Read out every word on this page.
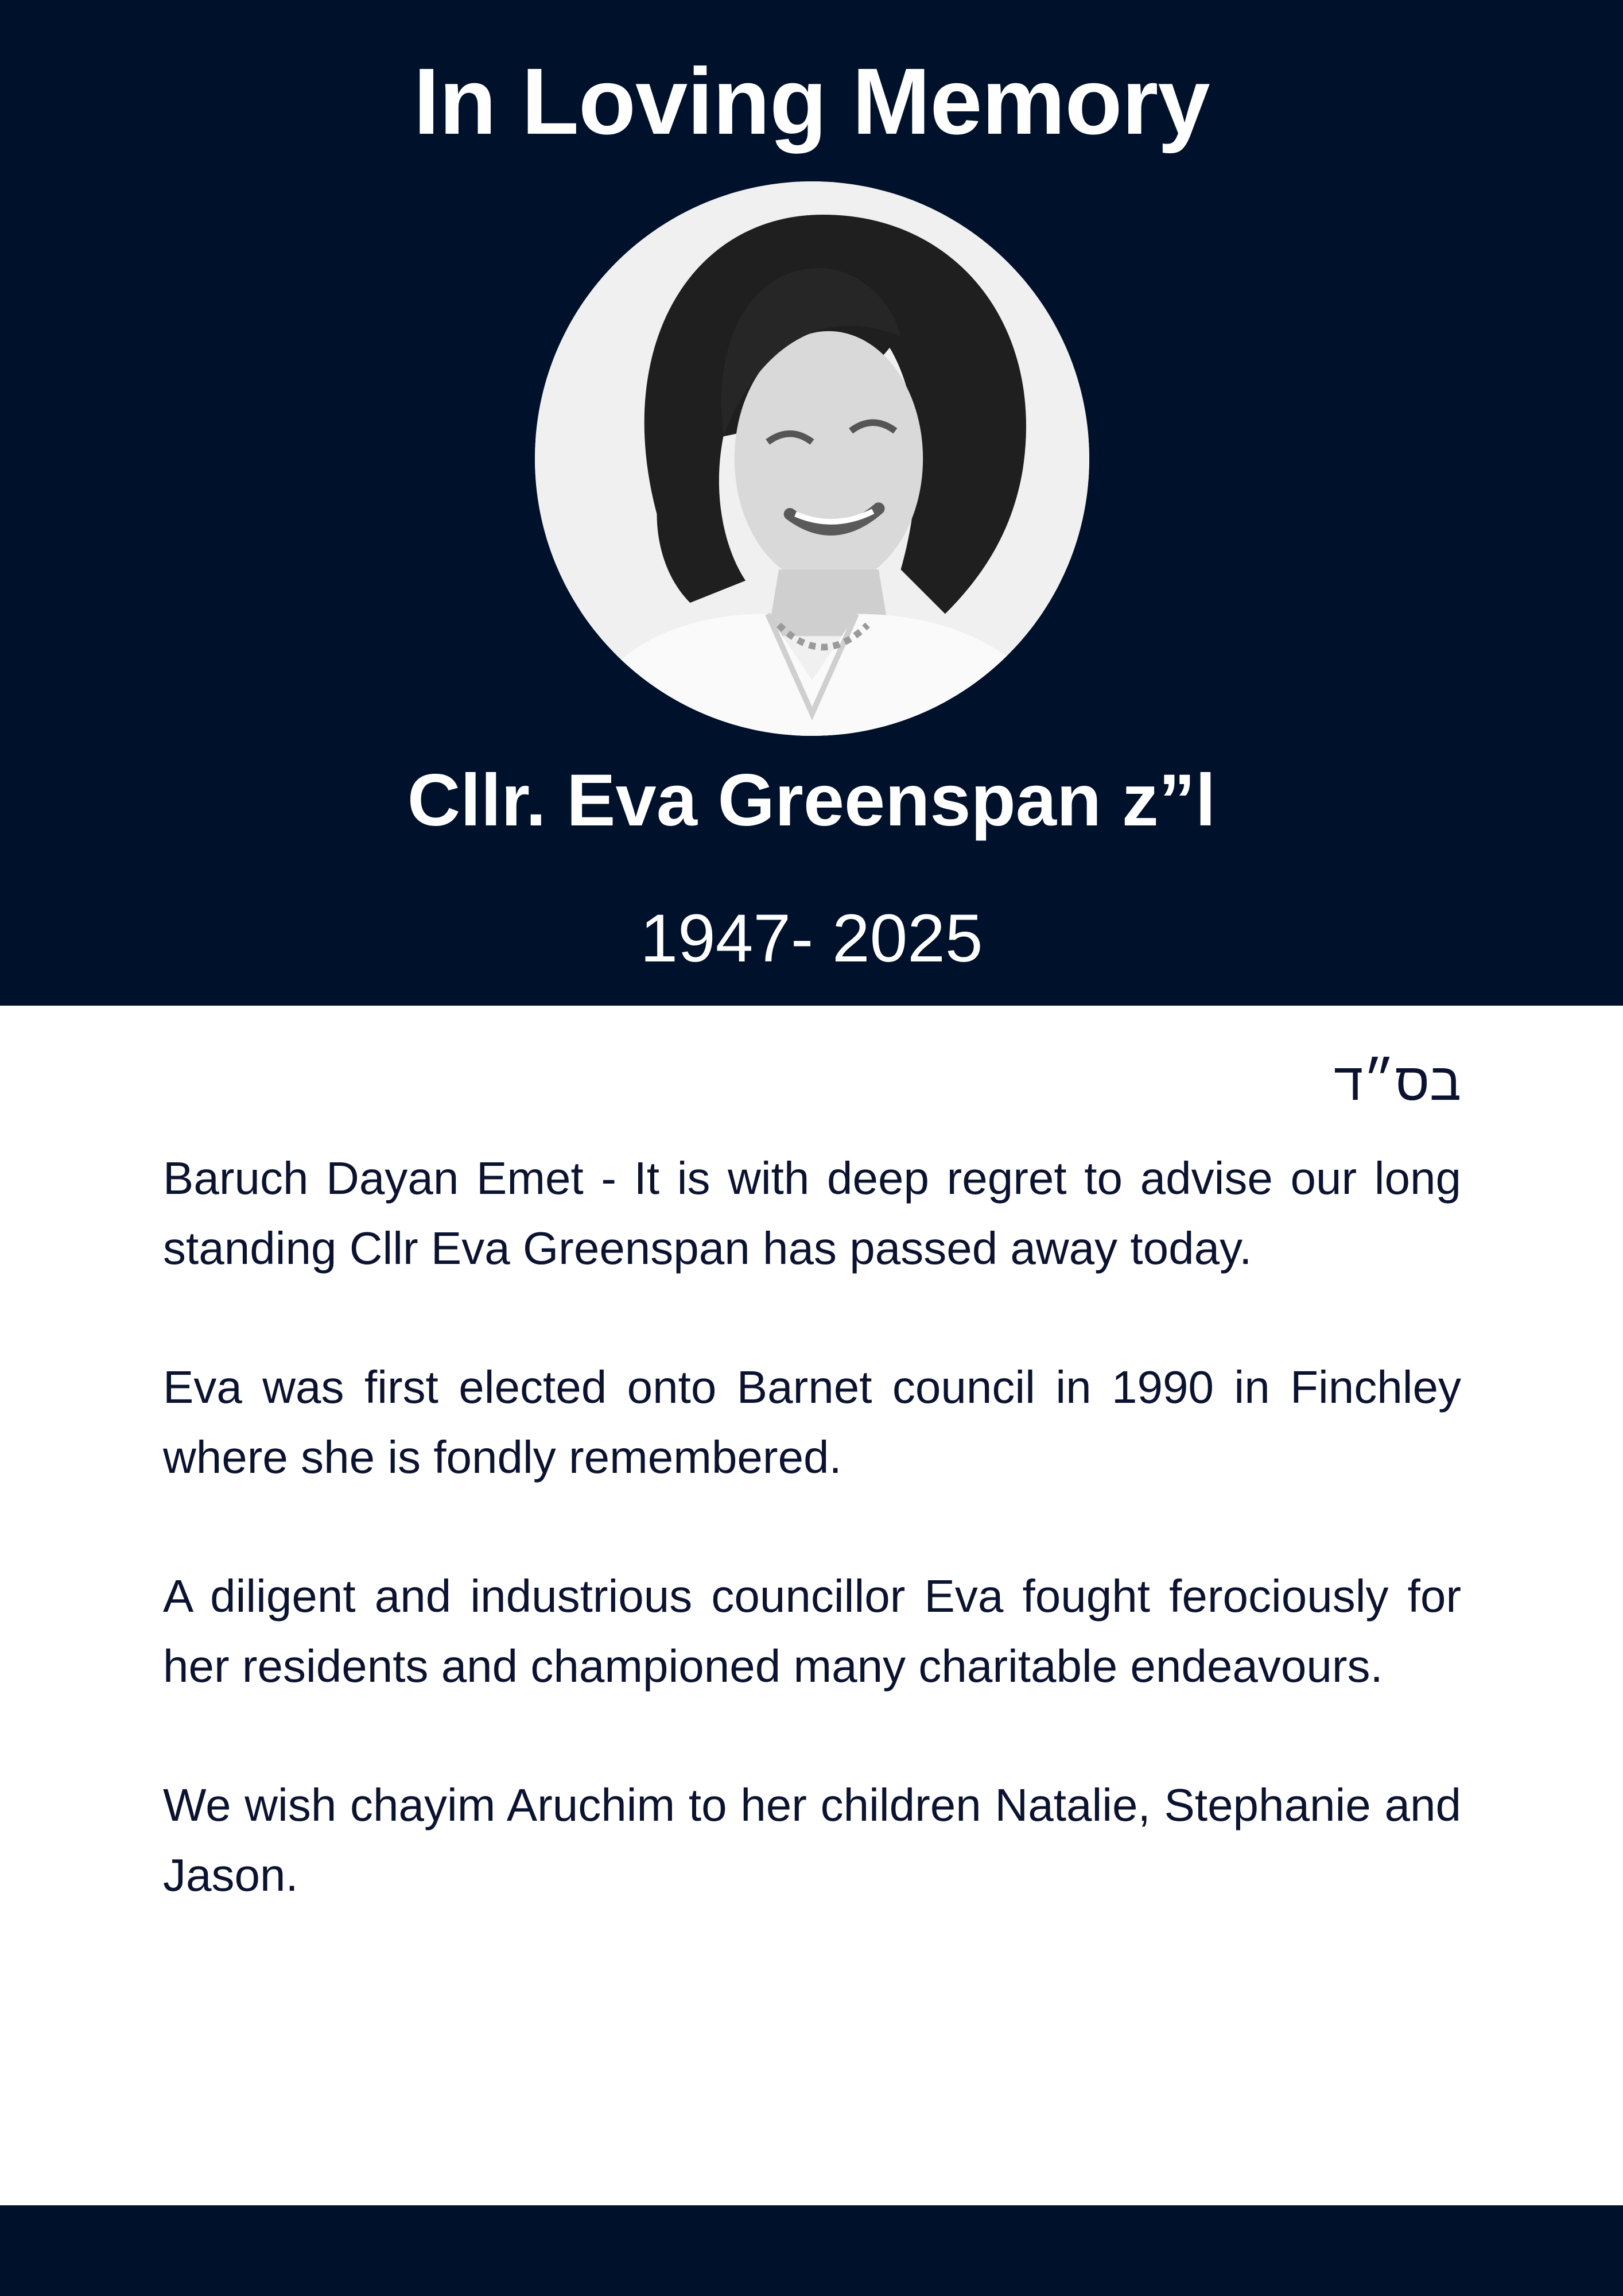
In Loving Memory
Cllr. Eva Greenspan z”l
1947- 2025
בס״ד

Baruch Dayan Emet - It is with deep regret to advise our long standing Cllr Eva Greenspan has passed away today.

Eva was first elected onto Barnet council in 1990 in Finchley where she is fondly remembered.

A diligent and industrious councillor Eva fought ferociously for her residents and championed many charitable endeavours.

We wish chayim Aruchim to her children Natalie, Stephanie and Jason.
